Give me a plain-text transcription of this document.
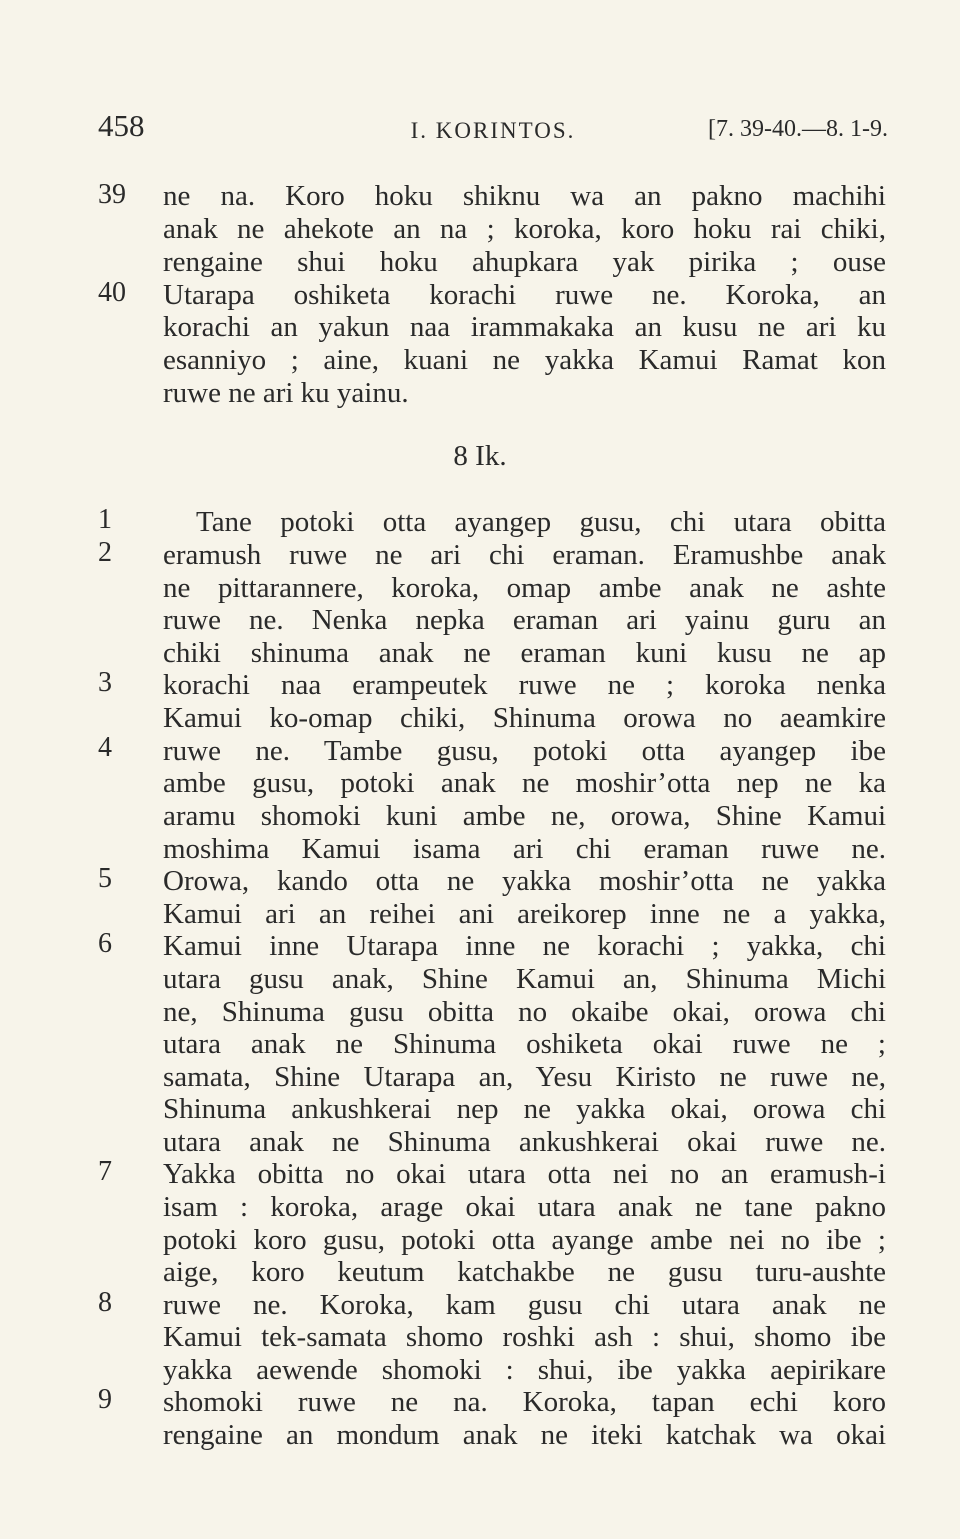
458	I. KORINTOS.	[7. 39-40.—8. 1-9.
39
40
ne na. Koro hoku shiknu wa an pakno machihi
anak ne ahekote an na ; koroka, koro hoku rai chiki,
rengaine shui hoku ahupkara yak pirika ; ouse
Utarapa oshiketa korachi ruwe ne. Koroka, an
korachi an yakun naa irammakaka an kusu ne ari ku
esanniyo ; aine, kuani ne yakka Kamui Ramat kon
ruwe ne ari ku yainu.
8 Ik.
1
2
3
4
5
6
7
8
9
Tane potoki otta ayangep gusu, chi utara obitta
eramush ruwe ne ari chi eraman. Eramushbe anak
ne pittarannere, koroka, omap ambe anak ne ashte
ruwe ne. Nenka nepka eraman ari yainu guru an
chiki shinuma anak ne eraman kuni kusu ne ap
korachi naa erampeutek ruwe ne ; koroka nenka
Kamui ko-omap chiki, Shinuma orowa no aeamkire
ruwe ne. Tambe gusu, potoki otta ayangep ibe
ambe gusu, potoki anak ne moshir’otta nep ne ka
aramu shomoki kuni ambe ne, orowa, Shine Kamui
moshima Kamui isama ari chi eraman ruwe ne.
Orowa, kando otta ne yakka moshir’otta ne yakka
Kamui ari an reihei ani areikorep inne ne a yakka,
Kamui inne Utarapa inne ne korachi ; yakka, chi
utara gusu anak, Shine Kamui an, Shinuma Michi
ne, Shinuma gusu obitta no okaibe okai, orowa chi
utara anak ne Shinuma oshiketa okai ruwe ne ;
samata, Shine Utarapa an, Yesu Kiristo ne ruwe ne,
Shinuma ankushkerai nep ne yakka okai, orowa chi
utara anak ne Shinuma ankushkerai okai ruwe ne.
Yakka obitta no okai utara otta nei no an eramush-i
isam : koroka, arage okai utara anak ne tane pakno
potoki koro gusu, potoki otta ayange ambe nei no ibe ;
aige, koro keutum katchakbe ne gusu turu-aushte
ruwe ne. Koroka, kam gusu chi utara anak ne
Kamui tek-samata shomo roshki ash : shui, shomo ibe
yakka aewende shomoki : shui, ibe yakka aepirikare
shomoki ruwe ne na. Koroka, tapan echi koro
rengaine an mondum anak ne iteki katchak wa okai
